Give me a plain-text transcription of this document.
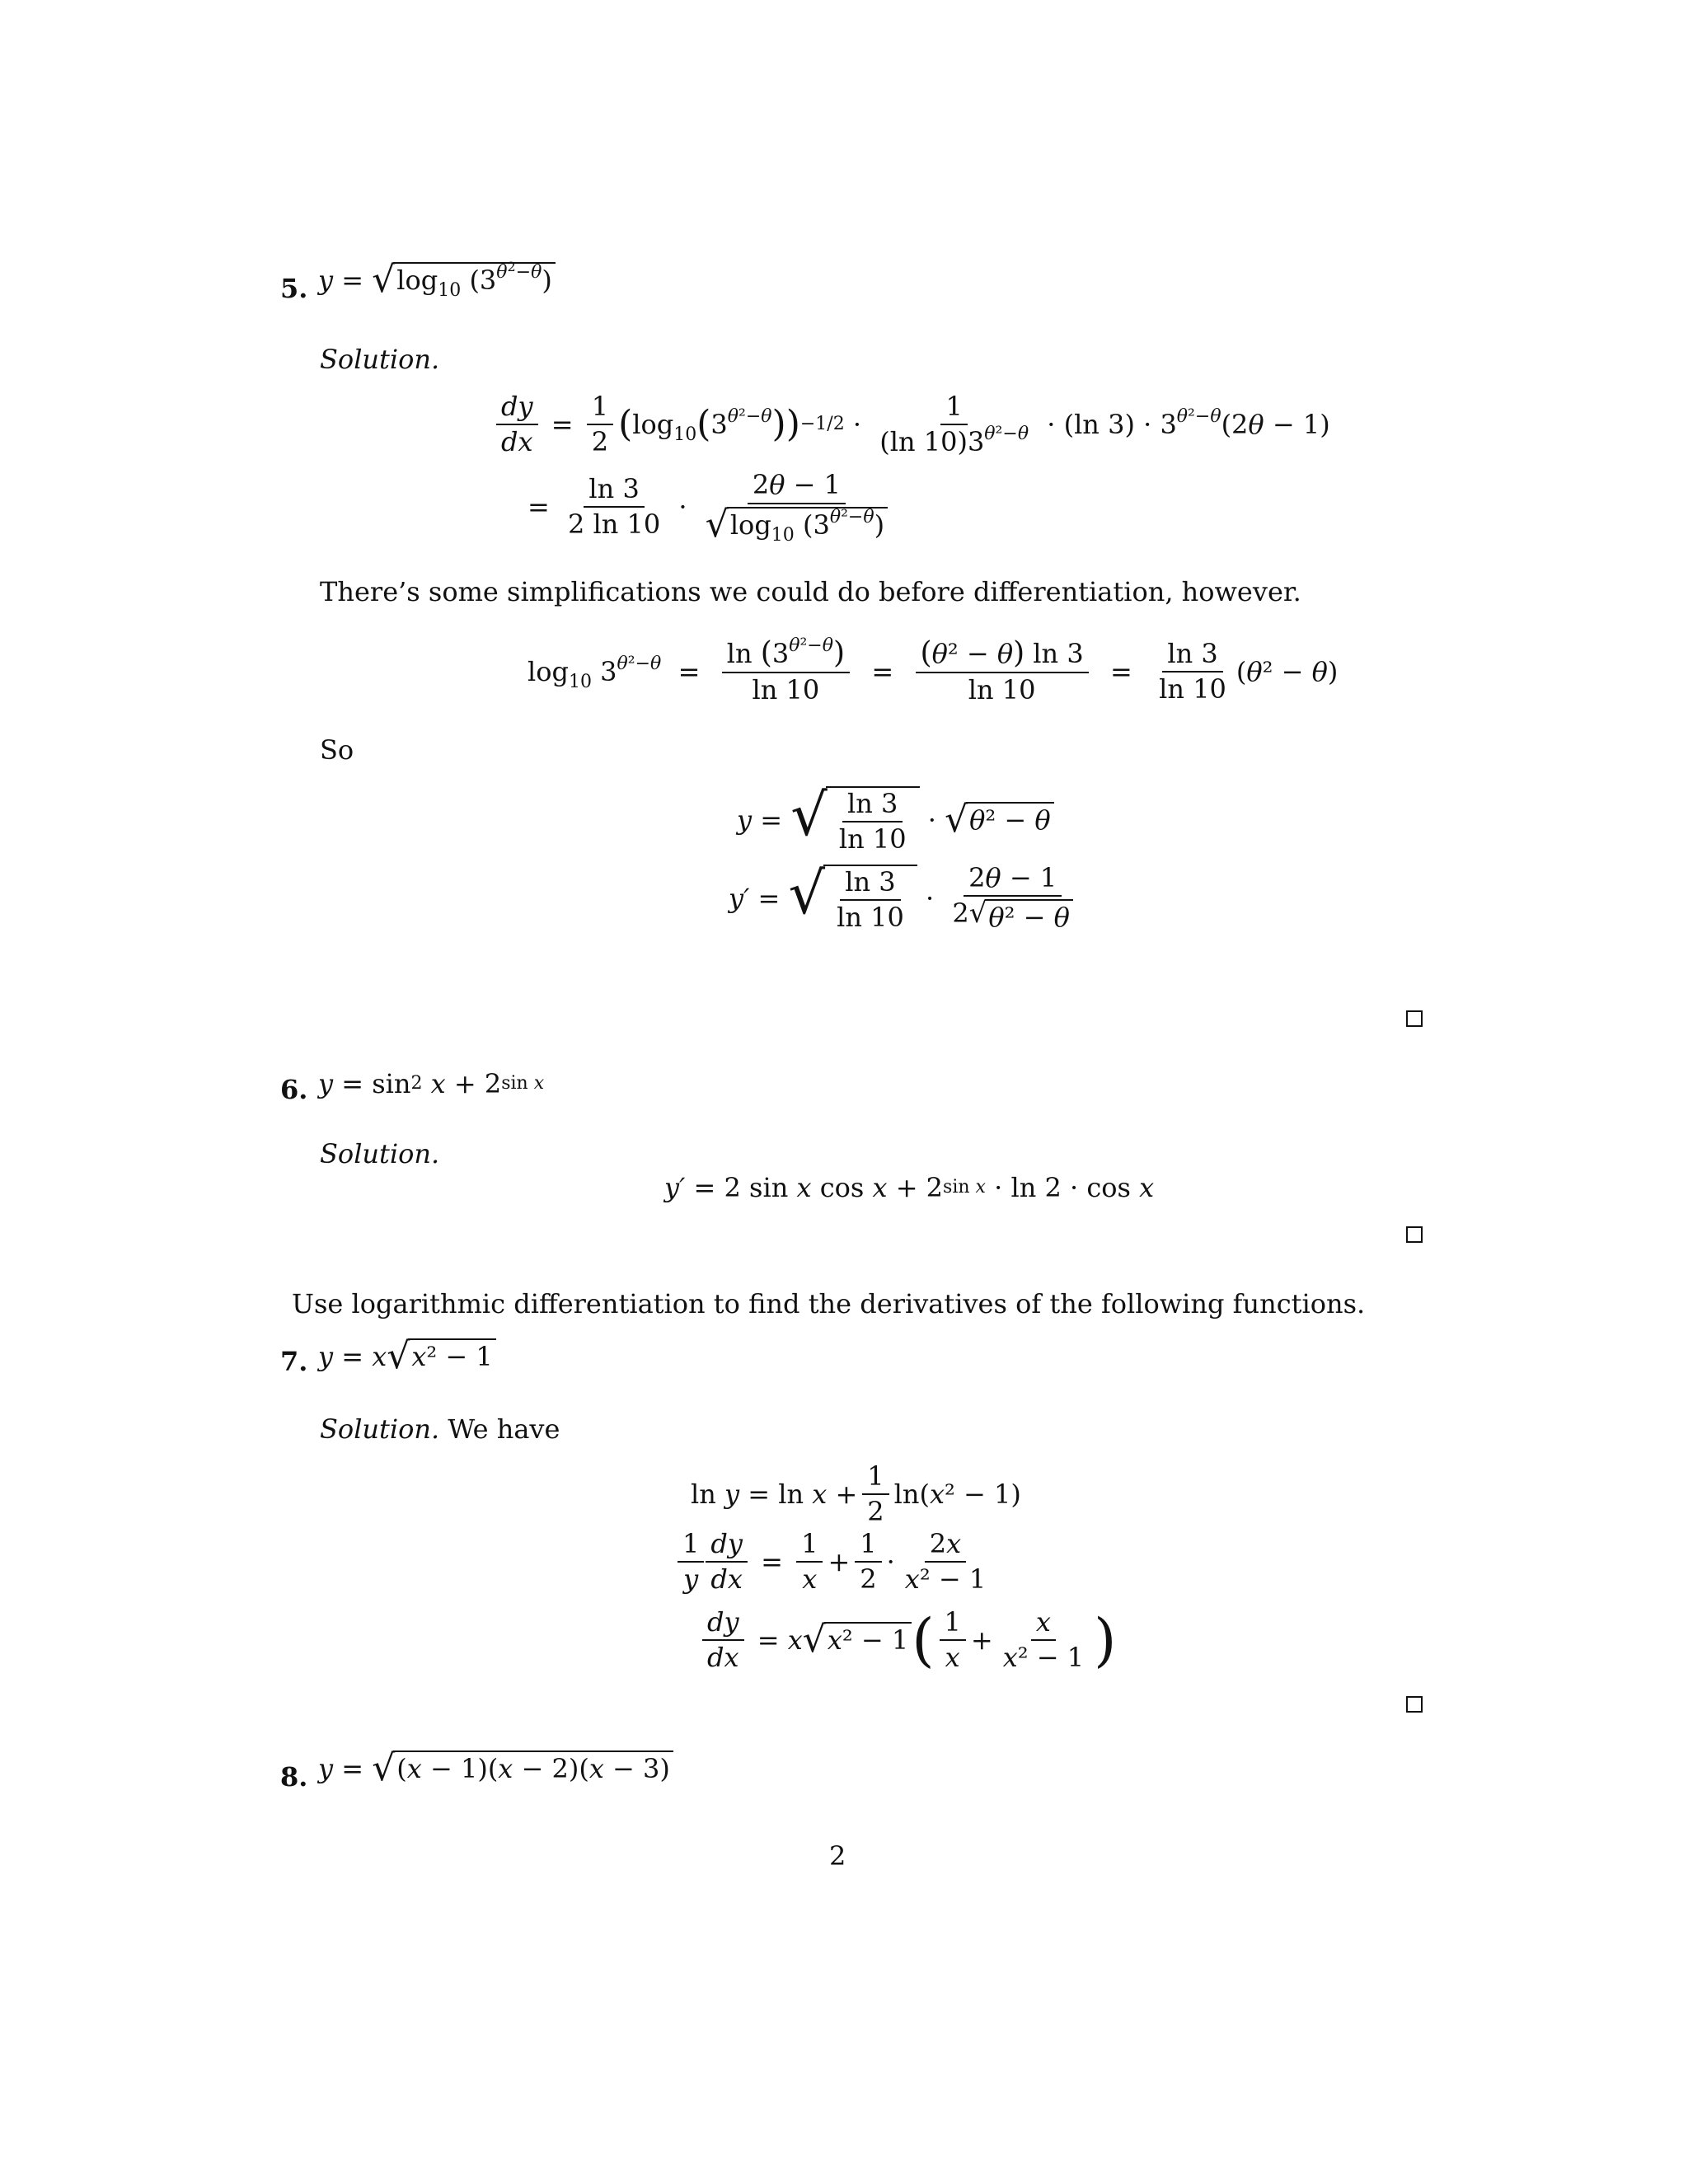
5. y = √ $\log_{10} (3^{\theta^2-\theta})$
Solution.
$\frac{dy}{dx} = \frac{1}{2}$ ( $\log_{10}$ ( $3^{\theta^2-\theta}$ )) −1/2 ·
1
(ln $10)3^{\theta^2-\theta} \cdot (\ln$ $3) \cdot 3^{\theta^2-\theta}(2\theta - 1)$
= $\frac{\ln 3}{2 \ln 10}$ ·
2θ − 1
√ $\log_{10} (3^{\theta^2-\theta})$
There’s some simplifications we could do before differentiation, however.
$\log_{10} 3^{\theta^2-\theta} = \frac{\ln (3^{\theta^2-\theta})}{\ln 10} = \frac{\text{(θ² − θ) ln 3}}{\ln 10} = \frac{\ln 3}{\ln 10} (\theta^2 - \theta)$
So
y = √ $\frac{\ln 3}{\ln 10}$ · √ θ² − θ
y′ = √ $\frac{\ln 3}{\ln 10}$ ·
2θ − 1
2 √ θ² − θ
6. y = sin 2
x + 2 sin x
Solution.
y′ = 2 sin x cos x + 2 sin x · ln 2 · cos x
Use logarithmic differentiation to find the derivatives of the following functions.
7. y = x √ x² − 1
Solution. We have
$\ln y = \ln x + \frac{1}{2} \ln(x^2 - 1)$
1
y $\frac{dy}{dx} = \frac{1}{x} + \frac{1}{2}$ ·
2x
x² − 1
$\frac{dy}{dx} = x$ √ x² − 1 ( 1
x
+ $\frac{x}{\text{x² − 1}}$ )
8. y = √ (x − 1)(x − 2)(x − 3)
2
